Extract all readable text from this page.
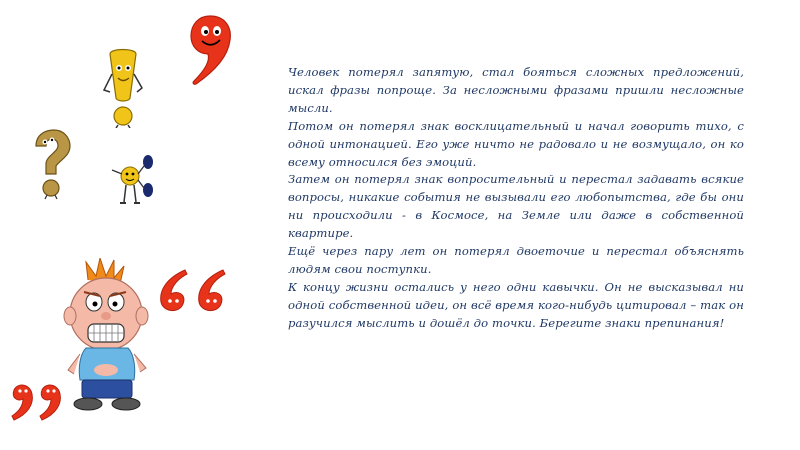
Человек потерял запятую, стал бояться сложных предложений, искал фразы попроще. За несложными фразами пришли несложные мысли.

Потом он потерял знак восклицательный и начал говорить тихо, с одной интонацией. Его уже ничто не радовало и не возмущало, он ко всему относился без эмоций.

Затем он потерял знак вопросительный и перестал задавать всякие вопросы, никакие события не вызывали его любопытства, где бы они ни происходили - в Космосе, на Земле или даже в собственной квартире.

Ещё через пару лет он потерял двоеточие и перестал объяснять людям свои поступки.

К концу жизни остались у него одни кавычки. Он не высказывал ни одной собственной идеи, он всё время кого-нибудь цитировал – так он разучился мыслить и дошёл до точки. Берегите знаки препинания!
